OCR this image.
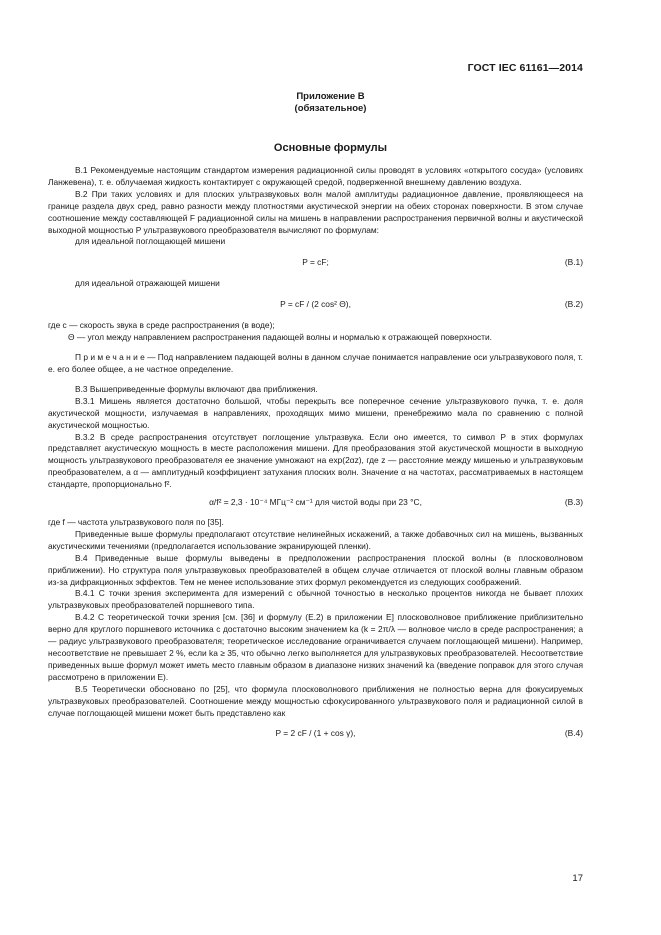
ГОСТ IEC 61161—2014
Приложение В
(обязательное)
Основные формулы

В.1 Рекомендуемые настоящим стандартом измерения радиационной силы проводят в условиях «открытого сосуда» (условиях Ланжевена), т. е. облучаемая жидкость контактирует с окружающей средой, подверженной внешнему давлению воздуха.

В.2 При таких условиях и для плоских ультразвуковых волн малой амплитуды радиационное давление, проявляющееся на границе раздела двух сред, равно разности между плотностями акустической энергии на обеих сторонах поверхности. В этом случае соотношение между составляющей F радиационной силы на мишень в направлении распространения первичной волны и акустической выходной мощностью P ультразвукового преобразователя вычисляют по формулам:

для идеальной поглощающей мишени

P = cF;	(В.1)

для идеальной отражающей мишени

P = cF / (2 cos² Θ),	(В.2)

где c — скорость звука в среде распространения (в воде);

Θ — угол между направлением распространения падающей волны и нормалью к отражающей поверхности.

П р и м е ч а н и е — Под направлением падающей волны в данном случае понимается направление оси ультразвукового поля, т. е. его более общее, а не частное определение.

В.3 Вышеприведенные формулы включают два приближения.

В.3.1 Мишень является достаточно большой, чтобы перекрыть все поперечное сечение ультразвукового пучка, т. е. доля акустической мощности, излучаемая в направлениях, проходящих мимо мишени, пренебрежимо мала по сравнению с полной акустической мощностью.

В.3.2 В среде распространения отсутствует поглощение ультразвука. Если оно имеется, то символ P в этих формулах представляет акустическую мощность в месте расположения мишени. Для преобразования этой акустической мощности в выходную мощность ультразвукового преобразователя ее значение умножают на exp(2αz), где z — расстояние между мишенью и ультразвуковым преобразователем, а α — амплитудный коэффициент затухания плоских волн. Значение α на частотах, рассматриваемых в настоящем стандарте, пропорционально f².

α/f² = 2,3 · 10⁻⁴ МГц⁻² см⁻¹ для чистой воды при 23 °С,	(В.3)

где f — частота ультразвукового поля по [35].

Приведенные выше формулы предполагают отсутствие нелинейных искажений, а также добавочных сил на мишень, вызванных акустическими течениями (предполагается использование экранирующей пленки).

В.4 Приведенные выше формулы выведены в предположении распространения плоской волны (в плосковолновом приближении). Но структура поля ультразвуковых преобразователей в общем случае отличается от плоской волны главным образом из-за дифракционных эффектов. Тем не менее использование этих формул рекомендуется из следующих соображений.

В.4.1 С точки зрения эксперимента для измерений с обычной точностью в несколько процентов никогда не бывает плохих ультразвуковых преобразователей поршневого типа.

В.4.2 С теоретической точки зрения [см. [36] и формулу (Е.2) в приложении Е] плосковолновое приближение приблизительно верно для круглого поршневого источника с достаточно высоким значением ka (k = 2π/λ — волновое число в среде распространения; a — радиус ультразвукового преобразователя; теоретическое исследование ограничивается случаем поглощающей мишени). Например, несоответствие не превышает 2 %, если ka ≥ 35, что обычно легко выполняется для ультразвуковых преобразователей. Несоответствие приведенных выше формул может иметь место главным образом в диапазоне низких значений ka (введение поправок для этого случая рассмотрено в приложении Е).

В.5 Теоретически обосновано по [25], что формула плосковолнового приближения не полностью верна для фокусируемых ультразвуковых преобразователей. Соотношение между мощностью сфокусированного ультразвукового поля и радиационной силой в случае поглощающей мишени может быть представлено как

P = 2 cF / (1 + cos γ),	(В.4)
17
